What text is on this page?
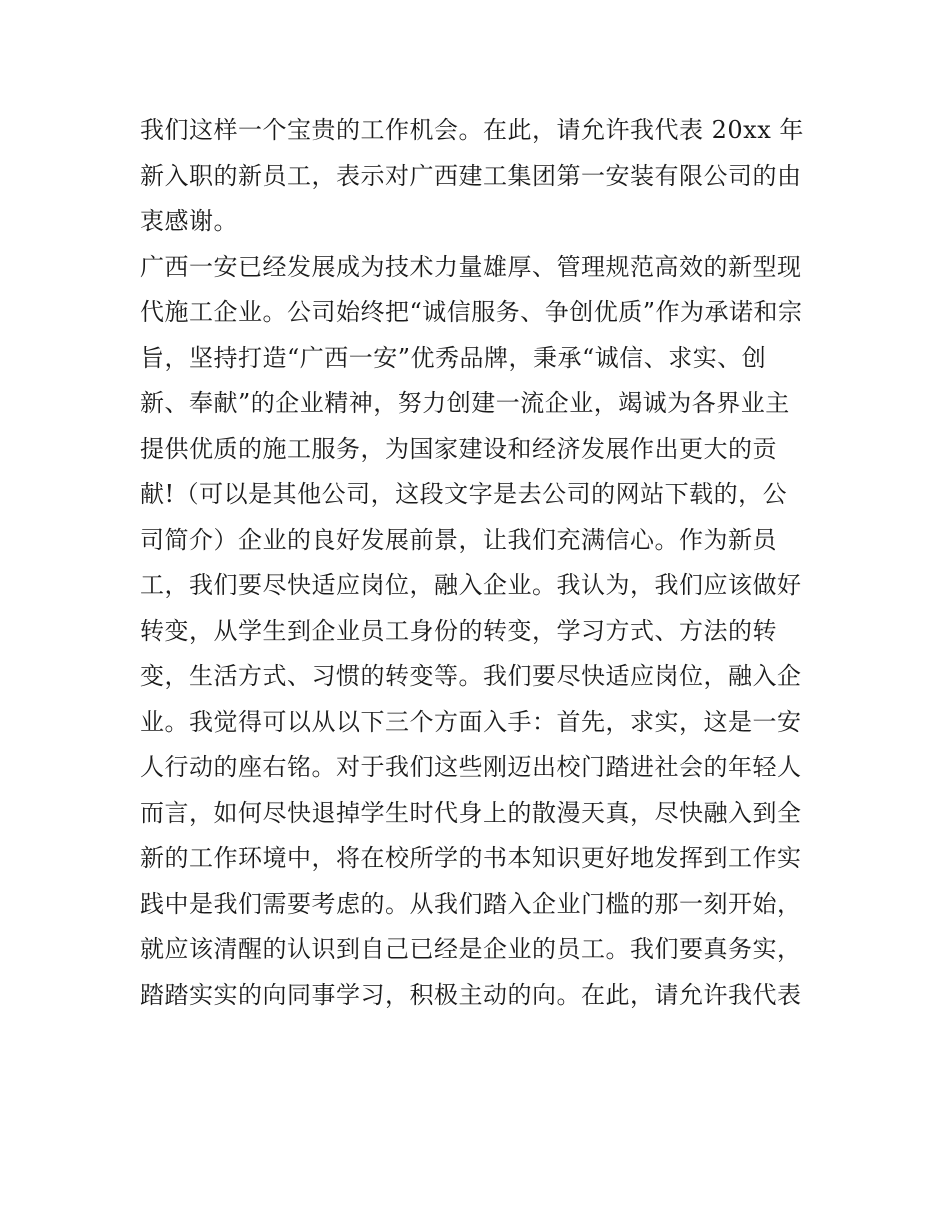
我们这样一个宝贵的工作机会。在此，请允许我代表 20xx 年
新入职的新员工，表示对广西建工集团第一安装有限公司的由
衷感谢。
广西一安已经发展成为技术力量雄厚、管理规范高效的新型现
代施工企业。公司始终把“诚信服务、争创优质”作为承诺和宗
旨，坚持打造“广西一安”优秀品牌，秉承“诚信、求实、创
新、奉献”的企业精神，努力创建一流企业，竭诚为各界业主
提供优质的施工服务，为国家建设和经济发展作出更大的贡
献!（可以是其他公司，这段文字是去公司的网站下载的，公
司简介）企业的良好发展前景，让我们充满信心。作为新员
工，我们要尽快适应岗位，融入企业。我认为，我们应该做好
转变，从学生到企业员工身份的转变，学习方式、方法的转
变，生活方式、习惯的转变等。我们要尽快适应岗位，融入企
业。我觉得可以从以下三个方面入手：首先，求实，这是一安
人行动的座右铭。对于我们这些刚迈出校门踏进社会的年轻人
而言，如何尽快退掉学生时代身上的散漫天真，尽快融入到全
新的工作环境中，将在校所学的书本知识更好地发挥到工作实
践中是我们需要考虑的。从我们踏入企业门槛的那一刻开始，
就应该清醒的认识到自己已经是企业的员工。我们要真务实，
踏踏实实的向同事学习，积极主动的向。在此，请允许我代表
